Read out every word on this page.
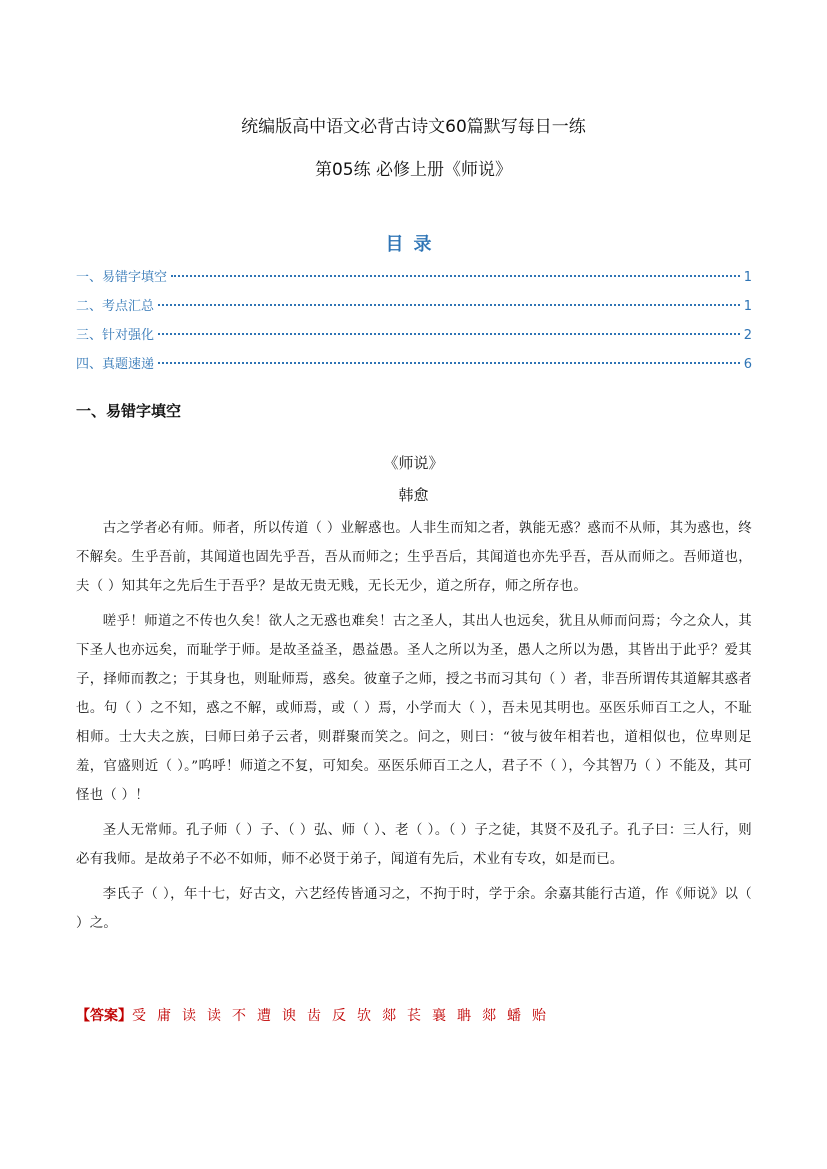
统编版高中语文必背古诗文60篇默写每日一练
第05练 必修上册《师说》
目录
一、易错字填空	1
二、考点汇总	1
三、针对强化	2
四、真题速递	6
一、易错字填空
《师说》
韩愈

古之学者必有师。师者，所以传道（ ）业解惑也。人非生而知之者，孰能无惑？惑而不从师，其为惑也，终不解矣。生乎吾前，其闻道也固先乎吾，吾从而师之；生乎吾后，其闻道也亦先乎吾，吾从而师之。吾师道也，夫（ ）知其年之先后生于吾乎？是故无贵无贱，无长无少，道之所存，师之所存也。

嗟乎！师道之不传也久矣！欲人之无惑也难矣！古之圣人，其出人也远矣，犹且从师而问焉；今之众人，其下圣人也亦远矣，而耻学于师。是故圣益圣，愚益愚。圣人之所以为圣，愚人之所以为愚，其皆出于此乎？爱其子，择师而教之；于其身也，则耻师焉，惑矣。彼童子之师，授之书而习其句（ ）者，非吾所谓传其道解其惑者也。句（ ）之不知，惑之不解，或师焉，或（ ）焉，小学而大（ ），吾未见其明也。巫医乐师百工之人，不耻相师。士大夫之族，曰师曰弟子云者，则群聚而笑之。问之，则曰：“彼与彼年相若也，道相似也，位卑则足羞，官盛则近（ ）。”呜呼！师道之不复，可知矣。巫医乐师百工之人，君子不（ ），今其智乃（ ）不能及，其可怪也（ ）！

圣人无常师。孔子师（ ）子、（ ）弘、师（ ）、老（ ）。（ ）子之徒，其贤不及孔子。孔子曰：三人行，则必有我师。是故弟子不必不如师，师不必贤于弟子，闻道有先后，术业有专攻，如是而已。

李氏子（ ），年十七，好古文，六艺经传皆通习之，不拘于时，学于余。余嘉其能行古道，作《师说》以（ ）之。

【答案】受 庸 读 读 不 遭 谀 齿 反 欤 郯 苌 襄 聃 郯 蟠 贻
